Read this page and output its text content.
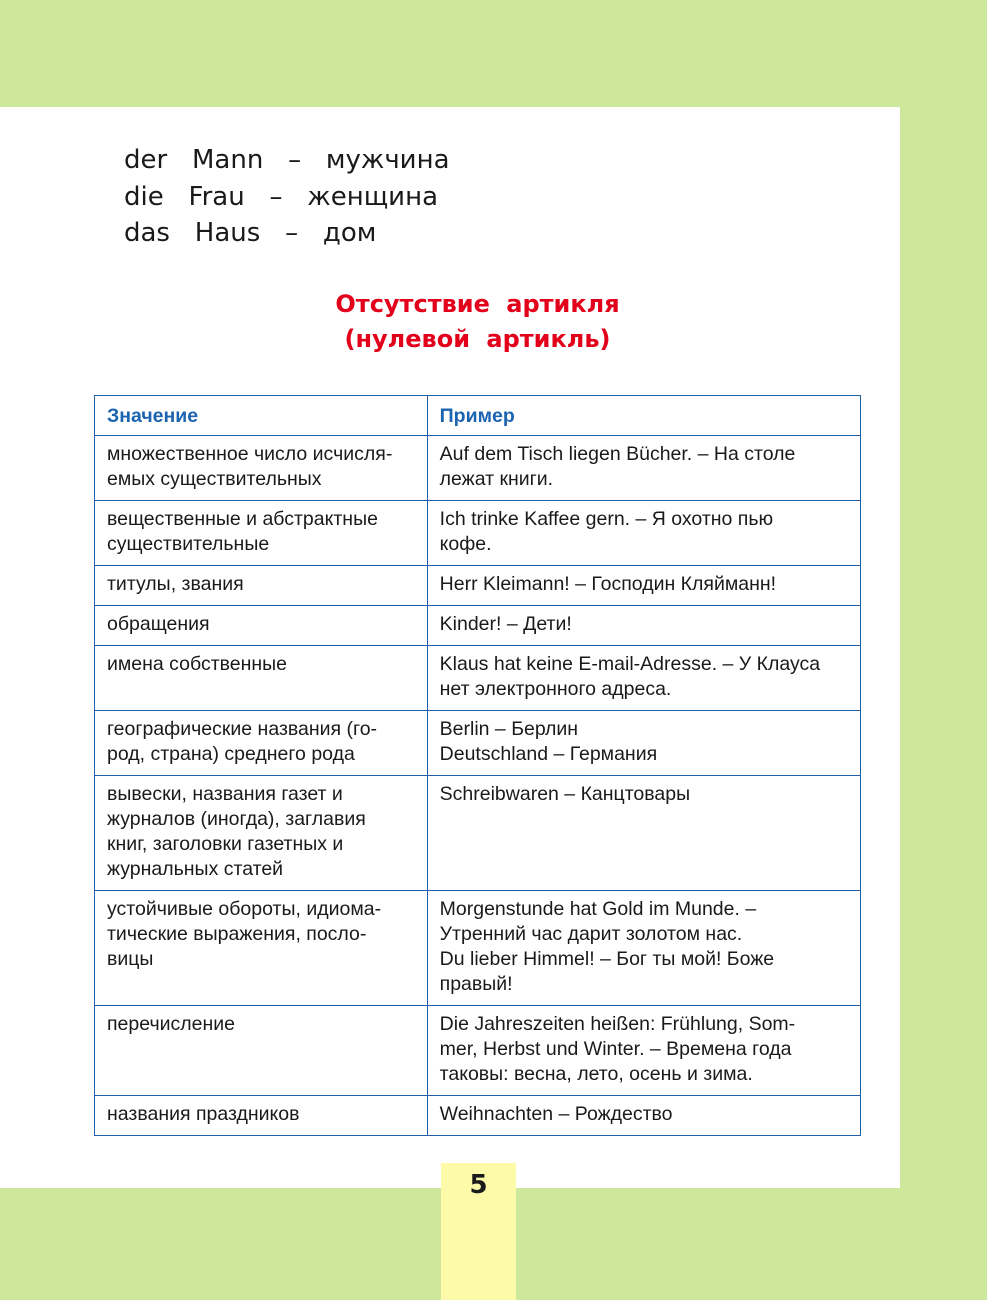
der   Mann   –   мужчина
die   Frau   –   женщина
das   Haus   –   дом
Отсутствие артикля
(нулевой артикль)
Значение	Пример

множественное число исчисля-
емых существительных	Auf dem Tisch liegen Bücher. – На столе
лежат книги.

вещественные и абстрактные
существительные	Ich trinke Kaffee gern. – Я охотно пью
кофе.

титулы, звания	Herr Kleimann! – Господин Кляйманн!

обращения	Kinder! – Дети!

имена собственные	Klaus hat keine E-mail-Adresse. – У Клауса
нет электронного адреса.

географические названия (го-
род, страна) среднего рода	Berlin – Берлин
Deutschland – Германия

вывески, названия газет и
журналов (иногда), заглавия
книг, заголовки газетных и
журнальных статей	Schreibwaren – Канцтовары

устойчивые обороты, идиома-
тические выражения, посло-
вицы	Morgenstunde hat Gold im Munde. –
Утренний час дарит золотом нас.
Du lieber Himmel! – Бог ты мой! Боже
правый!

перечисление	Die Jahreszeiten heißen: Frühlung, Som-
mer, Herbst und Winter. – Времена года
таковы: весна, лето, осень и зима.

названия праздников	Weihnachten – Рождество
5
